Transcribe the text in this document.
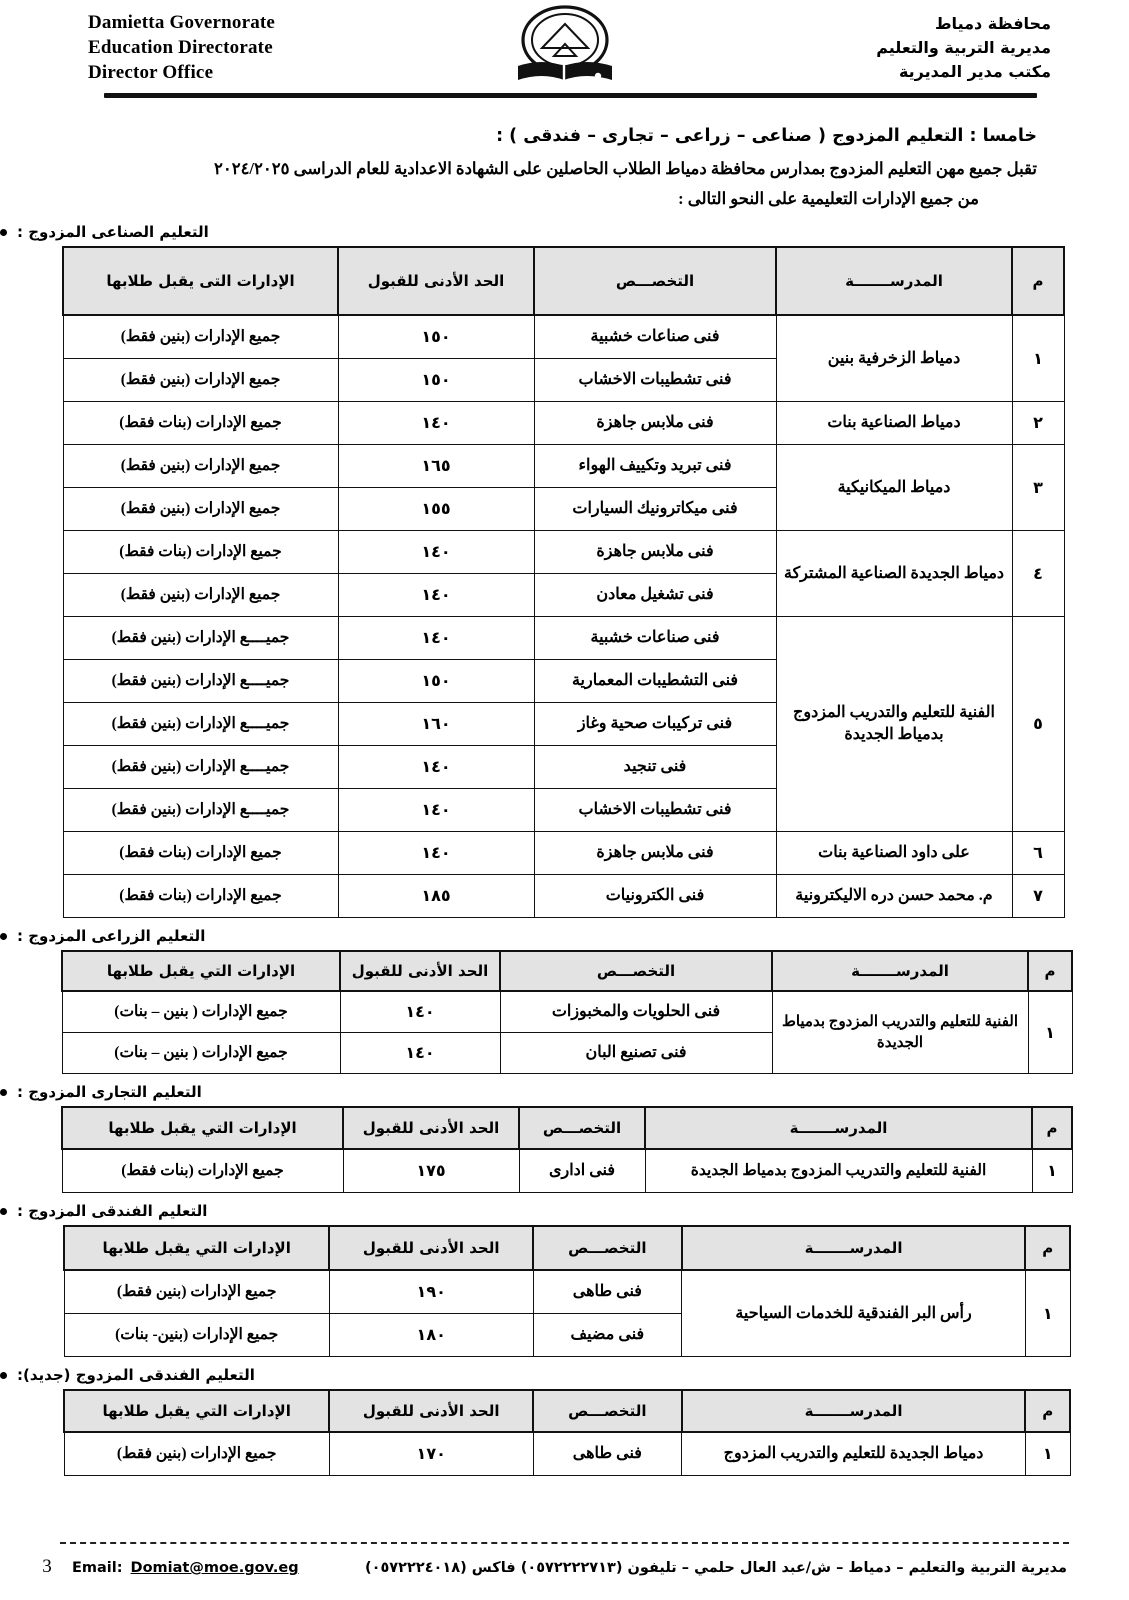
Damietta Governorate
Education Directorate
Director Office
محافظة دمياط
مديرية التربية والتعليم
مكتب مدير المديرية
خامسا : التعليم المزدوج ( صناعى – زراعى – تجارى – فندقى ) :
تقبل جميع مهن التعليم المزدوج بمدارس محافظة دمياط الطلاب الحاصلين على الشهادة الاعدادية للعام الدراسى ٢٠٢٤/٢٠٢٥
من جميع الإدارات التعليمية على النحو التالى :
التعليم الصناعى المزدوج :
م	المدرســـــــة	التخصـــص	الحد الأدنى للقبول	الإدارات التى يقبل طلابها
١	دمياط الزخرفية بنين	فنى صناعات خشبية	١٥٠	جميع الإدارات (بنين فقط)
		فنى تشطيبات الاخشاب	١٥٠	جميع الإدارات (بنين فقط)
٢	دمياط الصناعية بنات	فنى ملابس جاهزة	١٤٠	جميع الإدارات (بنات فقط)
٣	دمياط الميكانيكية	فنى تبريد وتكييف الهواء	١٦٥	جميع الإدارات (بنين فقط)
		فنى ميكاترونيك السيارات	١٥٥	جميع الإدارات (بنين فقط)
٤	دمياط الجديدة الصناعية المشتركة	فنى ملابس جاهزة	١٤٠	جميع الإدارات (بنات فقط)
		فنى تشغيل معادن	١٤٠	جميع الإدارات (بنين فقط)
٥	الفنية للتعليم والتدريب المزدوج بدمياط الجديدة	فنى صناعات خشبية	١٤٠	جميــــع الإدارات (بنين فقط)
		فنى التشطيبات المعمارية	١٥٠	جميــــع الإدارات (بنين فقط)
		فنى تركيبات صحية وغاز	١٦٠	جميــــع الإدارات (بنين فقط)
		فنى تنجيد	١٤٠	جميــــع الإدارات (بنين فقط)
		فنى تشطيبات الاخشاب	١٤٠	جميــــع الإدارات (بنين فقط)
٦	على داود الصناعية بنات	فنى ملابس جاهزة	١٤٠	جميع الإدارات (بنات فقط)
٧	م. محمد حسن دره الاليكترونية	فنى الكترونيات	١٨٥	جميع الإدارات (بنات فقط)
التعليم الزراعى المزدوج :
م	المدرســـــــة	التخصـــص	الحد الأدنى للقبول	الإدارات التي يقبل طلابها
١	الفنية للتعليم والتدريب المزدوج بدمياط الجديدة	فنى الحلويات والمخبوزات	١٤٠	جميع الإدارات ( بنين – بنات)
		فنى تصنيع البان	١٤٠	جميع الإدارات ( بنين – بنات)
التعليم التجارى المزدوج :
م	المدرســـــــة	التخصـــص	الحد الأدنى للقبول	الإدارات التي يقبل طلابها
١	الفنية للتعليم والتدريب المزدوج بدمياط الجديدة	فنى ادارى	١٧٥	جميع الإدارات (بنات فقط)
التعليم الفندقى المزدوج :
م	المدرســـــــة	التخصـــص	الحد الأدنى للقبول	الإدارات التي يقبل طلابها
١	رأس البر الفندقية للخدمات السياحية	فنى طاهى	١٩٠	جميع الإدارات (بنين فقط)
		فنى مضيف	١٨٠	جميع الإدارات (بنين- بنات)
التعليم الفندقى المزدوج (جديد):
م	المدرســـــــة	التخصـــص	الحد الأدنى للقبول	الإدارات التي يقبل طلابها
١	دمياط الجديدة للتعليم والتدريب المزدوج	فنى طاهى	١٧٠	جميع الإدارات (بنين فقط)
3	Email: Domiat@moe.gov.eg	مديرية التربية والتعليم – دمياط – ش/عبد العال حلمي – تليفون (٠٥٧٢٢٢٢٧١٣) فاكس (٠٥٧٢٢٢٤٠١٨)
